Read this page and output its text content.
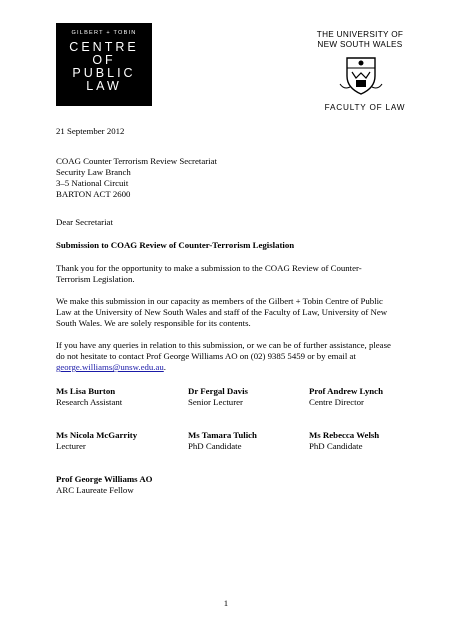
GILBERT + TOBIN
CENTRE
OF
PUBLIC
LAW
THE UNIVERSITY OF
NEW SOUTH WALES
FACULTY OF LAW
21 September 2012
COAG Counter Terrorism Review Secretariat
Security Law Branch
3–5 National Circuit
BARTON ACT 2600
Dear Secretariat
Submission to COAG Review of Counter-Terrorism Legislation
Thank you for the opportunity to make a submission to the COAG Review of Counter-
Terrorism Legislation.
We make this submission in our capacity as members of the Gilbert + Tobin Centre of Public
Law at the University of New South Wales and staff of the Faculty of Law, University of New
South Wales. We are solely responsible for its contents.
If you have any queries in relation to this submission, or we can be of further assistance, please
do not hesitate to contact Prof George Williams AO on (02) 9385 5459 or by email at
george.williams@unsw.edu.au.
Ms Lisa Burton
Research Assistant
Dr Fergal Davis
Senior Lecturer
Prof Andrew Lynch
Centre Director
Ms Nicola McGarrity
Lecturer
Ms Tamara Tulich
PhD Candidate
Ms Rebecca Welsh
PhD Candidate
Prof George Williams AO
ARC Laureate Fellow
1
